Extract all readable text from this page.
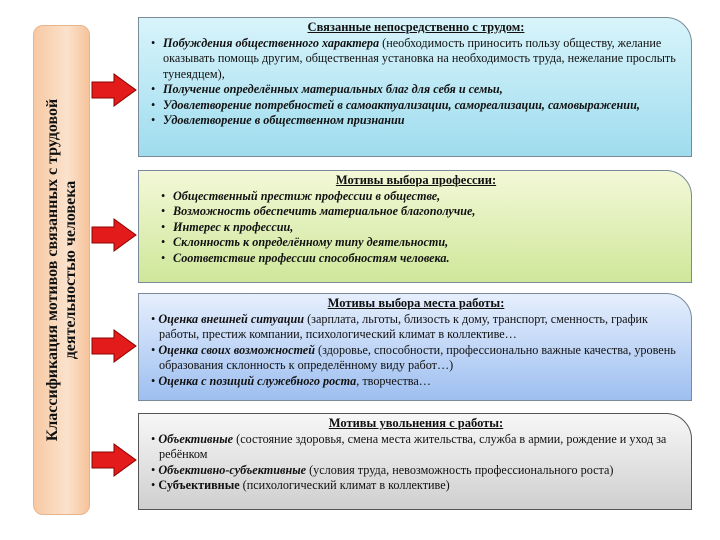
Классификация мотивов связанных с трудовой деятельностью человека
Связанные непосредственно с трудом:
• Побуждения общественного характера (необходимость приносить пользу обществу, желание оказывать помощь другим, общественная установка на необходимость труда, нежелание прослыть тунеядцем),
• Получение определённых материальных благ для себя и семьи,
• Удовлетворение потребностей в самоактуализации, самореализации, самовыражении,
• Удовлетворение в общественном признании
Мотивы выбора профессии:
• Общественный престиж профессии в обществе,
• Возможность обеспечить материальное благополучие,
• Интерес к профессии,
• Склонность к определённому типу деятельности,
• Соответствие профессии способностям человека.
Мотивы выбора места работы:
• Оценка внешней ситуации (зарплата, льготы, близость к дому, транспорт, сменность, график работы, престиж компании, психологический климат в коллективе…
• Оценка своих возможностей (здоровье, способности, профессионально важные качества, уровень образования склонность к определённому виду работ…)
• Оценка с позиций служебного роста, творчества…
Мотивы увольнения с работы:
• Объективные (состояние здоровья, смена места жительства, служба в армии, рождение и уход за ребёнком
• Объективно-субъективные (условия труда, невозможность профессионального роста)
• Субъективные (психологический климат в коллективе)
